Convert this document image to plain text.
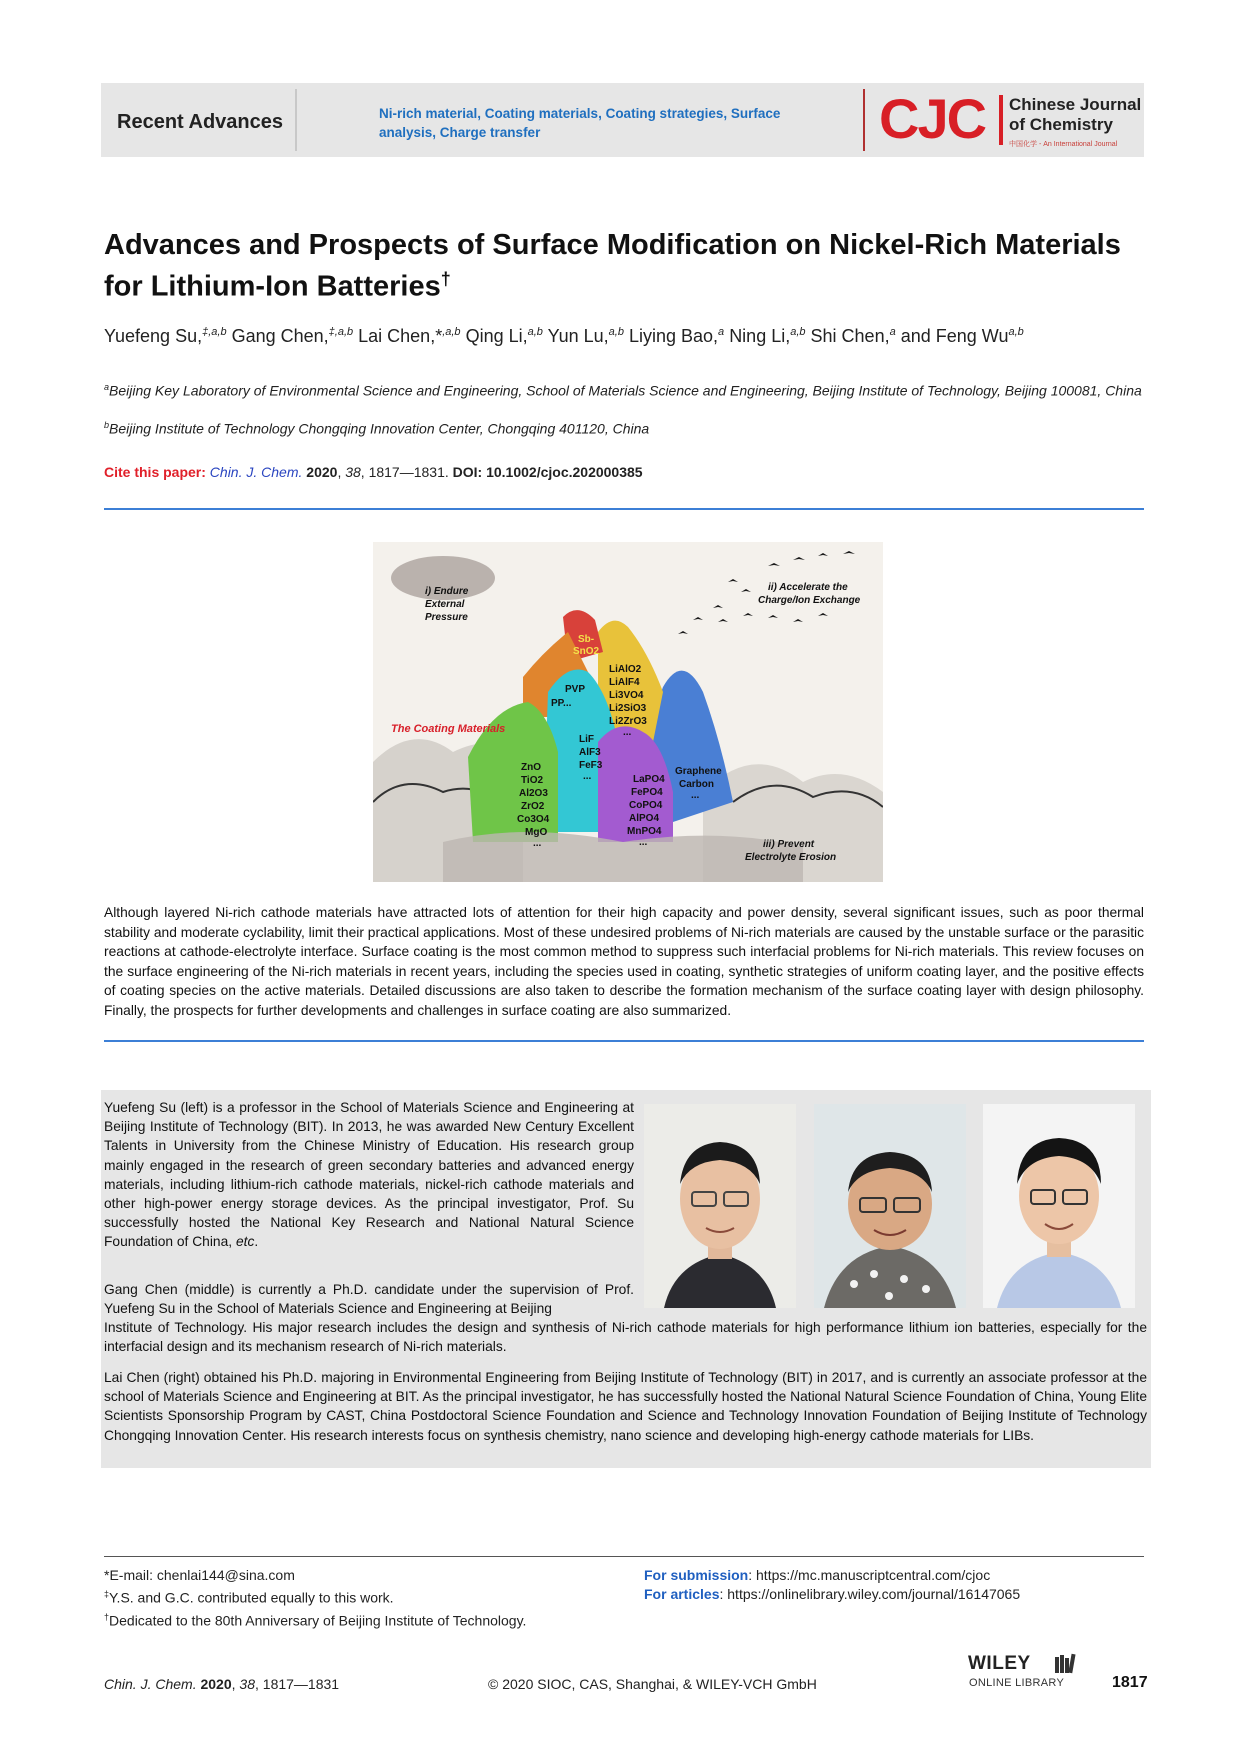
Recent Advances	Ni-rich material, Coating materials, Coating strategies, Surface analysis, Charge transfer	CJC Chinese Journal
of Chemistry
中国化学 - An International Journal
Advances and Prospects of Surface Modification on Nickel-Rich Materials for Lithium-Ion Batteries†
Yuefeng Su,$^{\ddagger,a,b}$ Gang Chen,$^{\ddagger,a,b}$ Lai Chen,*$^{,a,b}$ Qing Li,$^{a,b}$ Yun Lu,$^{a,b}$ Liying Bao,$^a$ Ning Li,$^{a,b}$ Shi Chen,$^a$ and Feng Wu$^{a,b}$
$^a$Beijing Key Laboratory of Environmental Science and Engineering, School of Materials Science and Engineering, Beijing Institute of Technology, Beijing 100081, China
$^b$Beijing Institute of Technology Chongqing Innovation Center, Chongqing 401120, China
Cite this paper: Chin. J. Chem. 2020, 38, 1817—1831. DOI: 10.1002/cjoc.202000385
i) Endure
External
Pressure
ii) Accelerate the
Charge/Ion Exchange
iii) Prevent
Electrolyte Erosion
The Coating Materials
Sb-
SnO2
PVP
PP...
LiAlO2
LiAlF4
Li3VO4
Li2SiO3
Li2ZrO3
...
LiF
AlF3
FeF3
...
ZnO
TiO2
Al2O3
ZrO2
Co3O4
MgO
...
LaPO4
FePO4
CoPO4
AlPO4
MnPO4
...
Graphene
Carbon
...
Although layered Ni-rich cathode materials have attracted lots of attention for their high capacity and power density, several significant issues, such as poor thermal stability and moderate cyclability, limit their practical applications. Most of these undesired problems of Ni-rich materials are caused by the unstable surface or the parasitic reactions at cathode-electrolyte interface. Surface coating is the most common method to suppress such interfacial problems for Ni-rich materials. This review focuses on the surface engineering of the Ni-rich materials in recent years, including the species used in coating, synthetic strategies of uniform coating layer, and the positive effects of coating species on the active materials. Detailed discussions are also taken to describe the formation mechanism of the surface coating layer with design philosophy. Finally, the prospects for further developments and challenges in surface coating are also summarized.
Yuefeng Su (left) is a professor in the School of Materials Science and Engineering at Beijing Institute of Technology (BIT). In 2013, he was awarded New Century Excellent Talents in University from the Chinese Ministry of Education. His research group mainly engaged in the research of green secondary batteries and advanced energy materials, including lithium-rich cathode materials, nickel-rich cathode materials and other high-power energy storage devices. As the principal investigator, Prof. Su successfully hosted the National Key Research and National Natural Science Foundation of China, etc.
Gang Chen (middle) is currently a Ph.D. candidate under the supervision of Prof. Yuefeng Su in the School of Materials Science and Engineering at Beijing
Institute of Technology. His major research includes the design and synthesis of Ni-rich cathode materials for high performance lithium ion batteries, especially for the interfacial design and its mechanism research of Ni-rich materials.
Lai Chen (right) obtained his Ph.D. majoring in Environmental Engineering from Beijing Institute of Technology (BIT) in 2017, and is currently an associate professor at the school of Materials Science and Engineering at BIT. As the principal investigator, he has successfully hosted the National Natural Science Foundation of China, Young Elite Scientists Sponsorship Program by CAST, China Postdoctoral Science Foundation and Science and Technology Innovation Foundation of Beijing Institute of Technology Chongqing Innovation Center. His research interests focus on synthesis chemistry, nano science and developing high-energy cathode materials for LIBs.
*E-mail: chenlai144@sina.com
‡Y.S. and G.C. contributed equally to this work.
†Dedicated to the 80th Anniversary of Beijing Institute of Technology.
For submission: https://mc.manuscriptcentral.com/cjoc
For articles: https://onlinelibrary.wiley.com/journal/16147065
Chin. J. Chem. 2020, 38, 1817—1831	© 2020 SIOC, CAS, Shanghai, & WILEY-VCH GmbH
WILEY
ONLINE LIBRARY	1817
